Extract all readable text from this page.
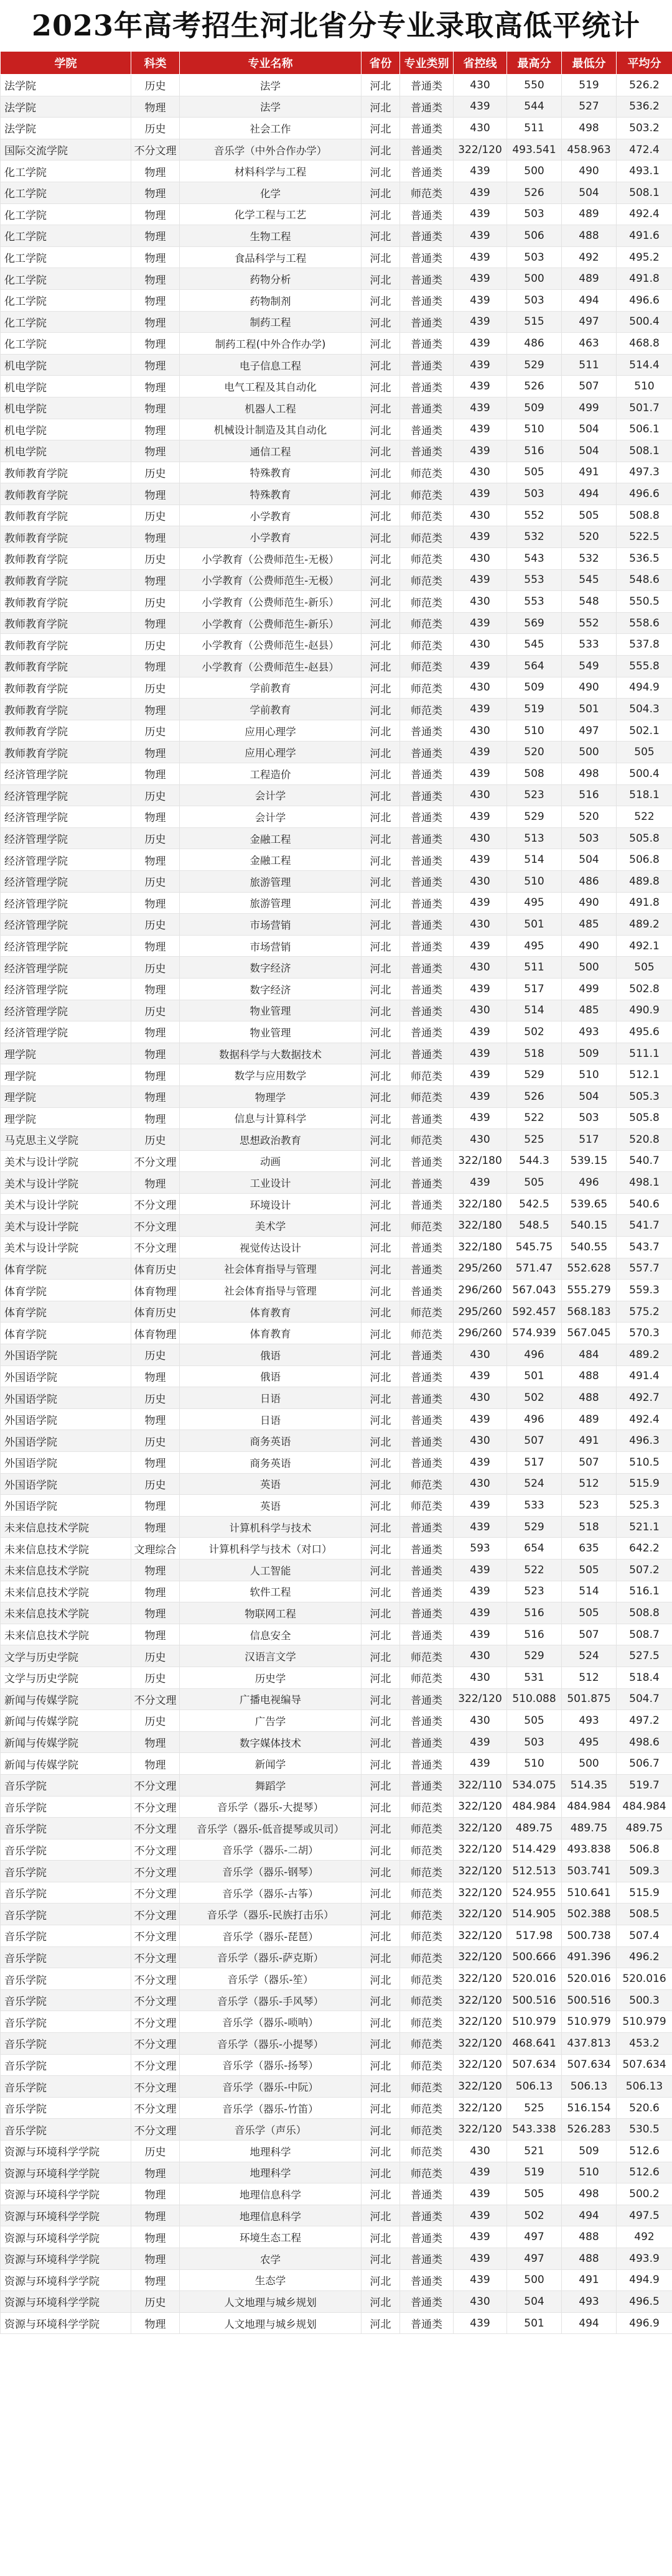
2023年高考招生河北省分专业录取高低平统计
学院	科类	专业名称	省份	专业类别	省控线	最高分	最低分	平均分
法学院	历史	法学	河北	普通类	430	550	519	526.2
法学院	物理	法学	河北	普通类	439	544	527	536.2
法学院	历史	社会工作	河北	普通类	430	511	498	503.2
国际交流学院	不分文理	音乐学（中外合作办学）	河北	普通类	322/120	493.541	458.963	472.4
化工学院	物理	材料科学与工程	河北	普通类	439	500	490	493.1
化工学院	物理	化学	河北	师范类	439	526	504	508.1
化工学院	物理	化学工程与工艺	河北	普通类	439	503	489	492.4
化工学院	物理	生物工程	河北	普通类	439	506	488	491.6
化工学院	物理	食品科学与工程	河北	普通类	439	503	492	495.2
化工学院	物理	药物分析	河北	普通类	439	500	489	491.8
化工学院	物理	药物制剂	河北	普通类	439	503	494	496.6
化工学院	物理	制药工程	河北	普通类	439	515	497	500.4
化工学院	物理	制药工程(中外合作办学)	河北	普通类	439	486	463	468.8
机电学院	物理	电子信息工程	河北	普通类	439	529	511	514.4
机电学院	物理	电气工程及其自动化	河北	普通类	439	526	507	510
机电学院	物理	机器人工程	河北	普通类	439	509	499	501.7
机电学院	物理	机械设计制造及其自动化	河北	普通类	439	510	504	506.1
机电学院	物理	通信工程	河北	普通类	439	516	504	508.1
教师教育学院	历史	特殊教育	河北	师范类	430	505	491	497.3
教师教育学院	物理	特殊教育	河北	师范类	439	503	494	496.6
教师教育学院	历史	小学教育	河北	师范类	430	552	505	508.8
教师教育学院	物理	小学教育	河北	师范类	439	532	520	522.5
教师教育学院	历史	小学教育（公费师范生-无极）	河北	师范类	430	543	532	536.5
教师教育学院	物理	小学教育（公费师范生-无极）	河北	师范类	439	553	545	548.6
教师教育学院	历史	小学教育（公费师范生-新乐）	河北	师范类	430	553	548	550.5
教师教育学院	物理	小学教育（公费师范生-新乐）	河北	师范类	439	569	552	558.6
教师教育学院	历史	小学教育（公费师范生-赵县）	河北	师范类	430	545	533	537.8
教师教育学院	物理	小学教育（公费师范生-赵县）	河北	师范类	439	564	549	555.8
教师教育学院	历史	学前教育	河北	师范类	430	509	490	494.9
教师教育学院	物理	学前教育	河北	师范类	439	519	501	504.3
教师教育学院	历史	应用心理学	河北	普通类	430	510	497	502.1
教师教育学院	物理	应用心理学	河北	普通类	439	520	500	505
经济管理学院	物理	工程造价	河北	普通类	439	508	498	500.4
经济管理学院	历史	会计学	河北	普通类	430	523	516	518.1
经济管理学院	物理	会计学	河北	普通类	439	529	520	522
经济管理学院	历史	金融工程	河北	普通类	430	513	503	505.8
经济管理学院	物理	金融工程	河北	普通类	439	514	504	506.8
经济管理学院	历史	旅游管理	河北	普通类	430	510	486	489.8
经济管理学院	物理	旅游管理	河北	普通类	439	495	490	491.8
经济管理学院	历史	市场营销	河北	普通类	430	501	485	489.2
经济管理学院	物理	市场营销	河北	普通类	439	495	490	492.1
经济管理学院	历史	数字经济	河北	普通类	430	511	500	505
经济管理学院	物理	数字经济	河北	普通类	439	517	499	502.8
经济管理学院	历史	物业管理	河北	普通类	430	514	485	490.9
经济管理学院	物理	物业管理	河北	普通类	439	502	493	495.6
理学院	物理	数据科学与大数据技术	河北	普通类	439	518	509	511.1
理学院	物理	数学与应用数学	河北	师范类	439	529	510	512.1
理学院	物理	物理学	河北	师范类	439	526	504	505.3
理学院	物理	信息与计算科学	河北	普通类	439	522	503	505.8
马克思主义学院	历史	思想政治教育	河北	师范类	430	525	517	520.8
美术与设计学院	不分文理	动画	河北	普通类	322/180	544.3	539.15	540.7
美术与设计学院	物理	工业设计	河北	普通类	439	505	496	498.1
美术与设计学院	不分文理	环境设计	河北	普通类	322/180	542.5	539.65	540.6
美术与设计学院	不分文理	美术学	河北	师范类	322/180	548.5	540.15	541.7
美术与设计学院	不分文理	视觉传达设计	河北	普通类	322/180	545.75	540.55	543.7
体育学院	体育历史	社会体育指导与管理	河北	普通类	295/260	571.47	552.628	557.7
体育学院	体育物理	社会体育指导与管理	河北	普通类	296/260	567.043	555.279	559.3
体育学院	体育历史	体育教育	河北	师范类	295/260	592.457	568.183	575.2
体育学院	体育物理	体育教育	河北	师范类	296/260	574.939	567.045	570.3
外国语学院	历史	俄语	河北	普通类	430	496	484	489.2
外国语学院	物理	俄语	河北	普通类	439	501	488	491.4
外国语学院	历史	日语	河北	普通类	430	502	488	492.7
外国语学院	物理	日语	河北	普通类	439	496	489	492.4
外国语学院	历史	商务英语	河北	普通类	430	507	491	496.3
外国语学院	物理	商务英语	河北	普通类	439	517	507	510.5
外国语学院	历史	英语	河北	师范类	430	524	512	515.9
外国语学院	物理	英语	河北	师范类	439	533	523	525.3
未来信息技术学院	物理	计算机科学与技术	河北	普通类	439	529	518	521.1
未来信息技术学院	文理综合	计算机科学与技术（对口）	河北	普通类	593	654	635	642.2
未来信息技术学院	物理	人工智能	河北	普通类	439	522	505	507.2
未来信息技术学院	物理	软件工程	河北	普通类	439	523	514	516.1
未来信息技术学院	物理	物联网工程	河北	普通类	439	516	505	508.8
未来信息技术学院	物理	信息安全	河北	普通类	439	516	507	508.7
文学与历史学院	历史	汉语言文学	河北	师范类	430	529	524	527.5
文学与历史学院	历史	历史学	河北	师范类	430	531	512	518.4
新闻与传媒学院	不分文理	广播电视编导	河北	普通类	322/120	510.088	501.875	504.7
新闻与传媒学院	历史	广告学	河北	普通类	430	505	493	497.2
新闻与传媒学院	物理	数字媒体技术	河北	普通类	439	503	495	498.6
新闻与传媒学院	物理	新闻学	河北	普通类	439	510	500	506.7
音乐学院	不分文理	舞蹈学	河北	普通类	322/110	534.075	514.35	519.7
音乐学院	不分文理	音乐学（器乐-大提琴）	河北	师范类	322/120	484.984	484.984	484.984
音乐学院	不分文理	音乐学（器乐-低音提琴或贝司）	河北	师范类	322/120	489.75	489.75	489.75
音乐学院	不分文理	音乐学（器乐-二胡）	河北	师范类	322/120	514.429	493.838	506.8
音乐学院	不分文理	音乐学（器乐-钢琴）	河北	师范类	322/120	512.513	503.741	509.3
音乐学院	不分文理	音乐学（器乐-古筝）	河北	师范类	322/120	524.955	510.641	515.9
音乐学院	不分文理	音乐学（器乐-民族打击乐）	河北	师范类	322/120	514.905	502.388	508.5
音乐学院	不分文理	音乐学（器乐-琵琶）	河北	师范类	322/120	517.98	500.738	507.4
音乐学院	不分文理	音乐学（器乐-萨克斯）	河北	师范类	322/120	500.666	491.396	496.2
音乐学院	不分文理	音乐学（器乐-笙）	河北	师范类	322/120	520.016	520.016	520.016
音乐学院	不分文理	音乐学（器乐-手风琴）	河北	师范类	322/120	500.516	500.516	500.3
音乐学院	不分文理	音乐学（器乐-唢呐）	河北	师范类	322/120	510.979	510.979	510.979
音乐学院	不分文理	音乐学（器乐-小提琴）	河北	师范类	322/120	468.641	437.813	453.2
音乐学院	不分文理	音乐学（器乐-扬琴）	河北	师范类	322/120	507.634	507.634	507.634
音乐学院	不分文理	音乐学（器乐-中阮）	河北	师范类	322/120	506.13	506.13	506.13
音乐学院	不分文理	音乐学（器乐-竹笛）	河北	师范类	322/120	525	516.154	520.6
音乐学院	不分文理	音乐学（声乐）	河北	师范类	322/120	543.338	526.283	530.5
资源与环境科学学院	历史	地理科学	河北	师范类	430	521	509	512.6
资源与环境科学学院	物理	地理科学	河北	师范类	439	519	510	512.6
资源与环境科学学院	物理	地理信息科学	河北	普通类	439	505	498	500.2
资源与环境科学学院	物理	地理信息科学	河北	普通类	439	502	494	497.5
资源与环境科学学院	物理	环境生态工程	河北	普通类	439	497	488	492
资源与环境科学学院	物理	农学	河北	普通类	439	497	488	493.9
资源与环境科学学院	物理	生态学	河北	普通类	439	500	491	494.9
资源与环境科学学院	历史	人文地理与城乡规划	河北	普通类	430	504	493	496.5
资源与环境科学学院	物理	人文地理与城乡规划	河北	普通类	439	501	494	496.9
